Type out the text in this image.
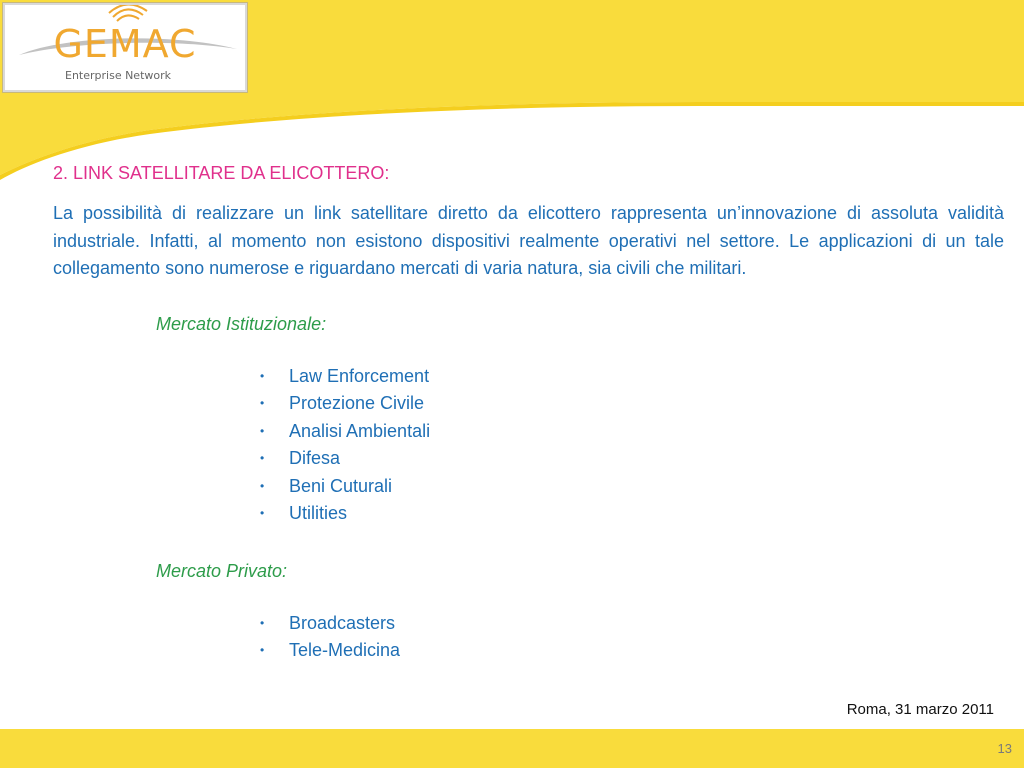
GEMAC
Enterprise Network
2. LINK SATELLITARE DA ELICOTTERO:

La possibilità di realizzare un link satellitare diretto da elicottero rappresenta un’innovazione di assoluta validità industriale. Infatti, al momento non esistono dispositivi realmente operativi nel settore. Le applicazioni di un tale collegamento sono numerose e riguardano mercati di varia natura, sia civili che militari.

Mercato Istituzionale:
• Law Enforcement
• Protezione Civile
• Analisi Ambientali
• Difesa
• Beni Cuturali
• Utilities
Mercato Privato:
• Broadcasters
• Tele-Medicina
Roma, 31 marzo 2011
13
